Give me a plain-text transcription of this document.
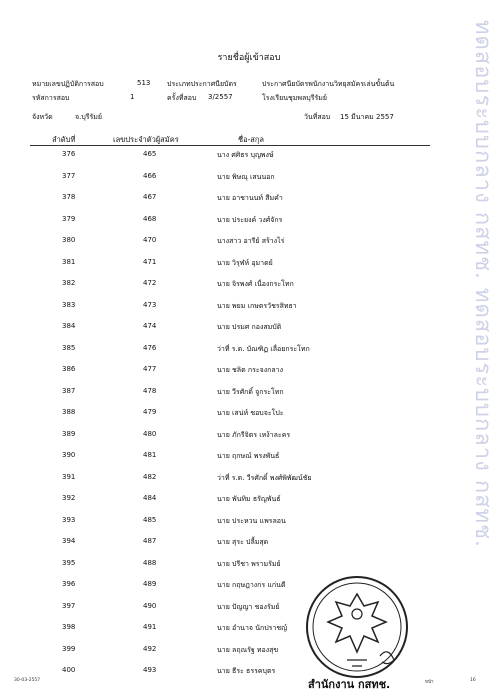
รายชื่อผู้เข้าสอบ
หมายเลขปฏิบัติการสอบ	513 ประเภทประกาศนียบัตร	ประกาศนียบัตรพนักงานวิทยุสมัครเล่นขั้นต้น
รหัสการสอบ	1	ครั้งที่สอบ 3/2557	โรงเรียนชุมพลบุรีรัมย์
จังหวัด	จ.บุรีรัมย์	วันที่สอบ 15 มีนาคม 2557
ลำดับที่	เลขประจำตัวผู้สมัคร	ชื่อ-สกุล
376	465	นาง ศศิธร บุญพงษ์
377	466	นาย พิษณุ เสนนอก
378	467	นาย อาชานนท์ สีมคำ
379	468	นาย ประยงค์ วงศ์จักร
380	470	นางสาว อารีย์ สร้างไร่
381	471	นาย วิรุฬห์ อุมาดย์
382	472	นาย จิรพงศ์ เนื่องกระโทก
383	473	นาย พยม เกษตรวัชรสิทธา
384	474	นาย ปรมศ กองสมบัติ
385	476	ว่าที่ ร.ต. บัณฑิฏ เลื่อยกระโทก
386	477	นาย ชลิต กระจงกลาง
387	478	นาย วีรศักดิ์ จูกระโทก
388	479	นาย เสน่ห์ ชอบจะโปะ
389	480	นาย ภักรีจิตร เหง้าละคร
390	481	นาย ฤกษณ์ พรงพันธ์
391	482	ว่าที่ ร.ต. วีรศักดิ์ พงศ์พิพัฒน์ชัย
392	484	นาย พันทิม ธรัญพันธ์
393	485	นาย ประหวน แพรลอน
394	487	นาย สุระ ปลื้มสุด
395	488	นาย ปรีชา พรามรัมย์
396	489	นาย กฤษฎางกร แก่นดี
397	490	นาย ปัญญา ชองรัมย์
398	491	นาย อำนาจ นักปราชญ์
399	492	นาย ลฤณรัฐ ทองสุข
400	493	นาย ธีระ ธรรคบุตร
สำนักงาน กสทช.
30-03-2557	หน้า	16
ทดสอบระบบกลาง กสทช. ทดสอบระบบกลาง กสทช.
